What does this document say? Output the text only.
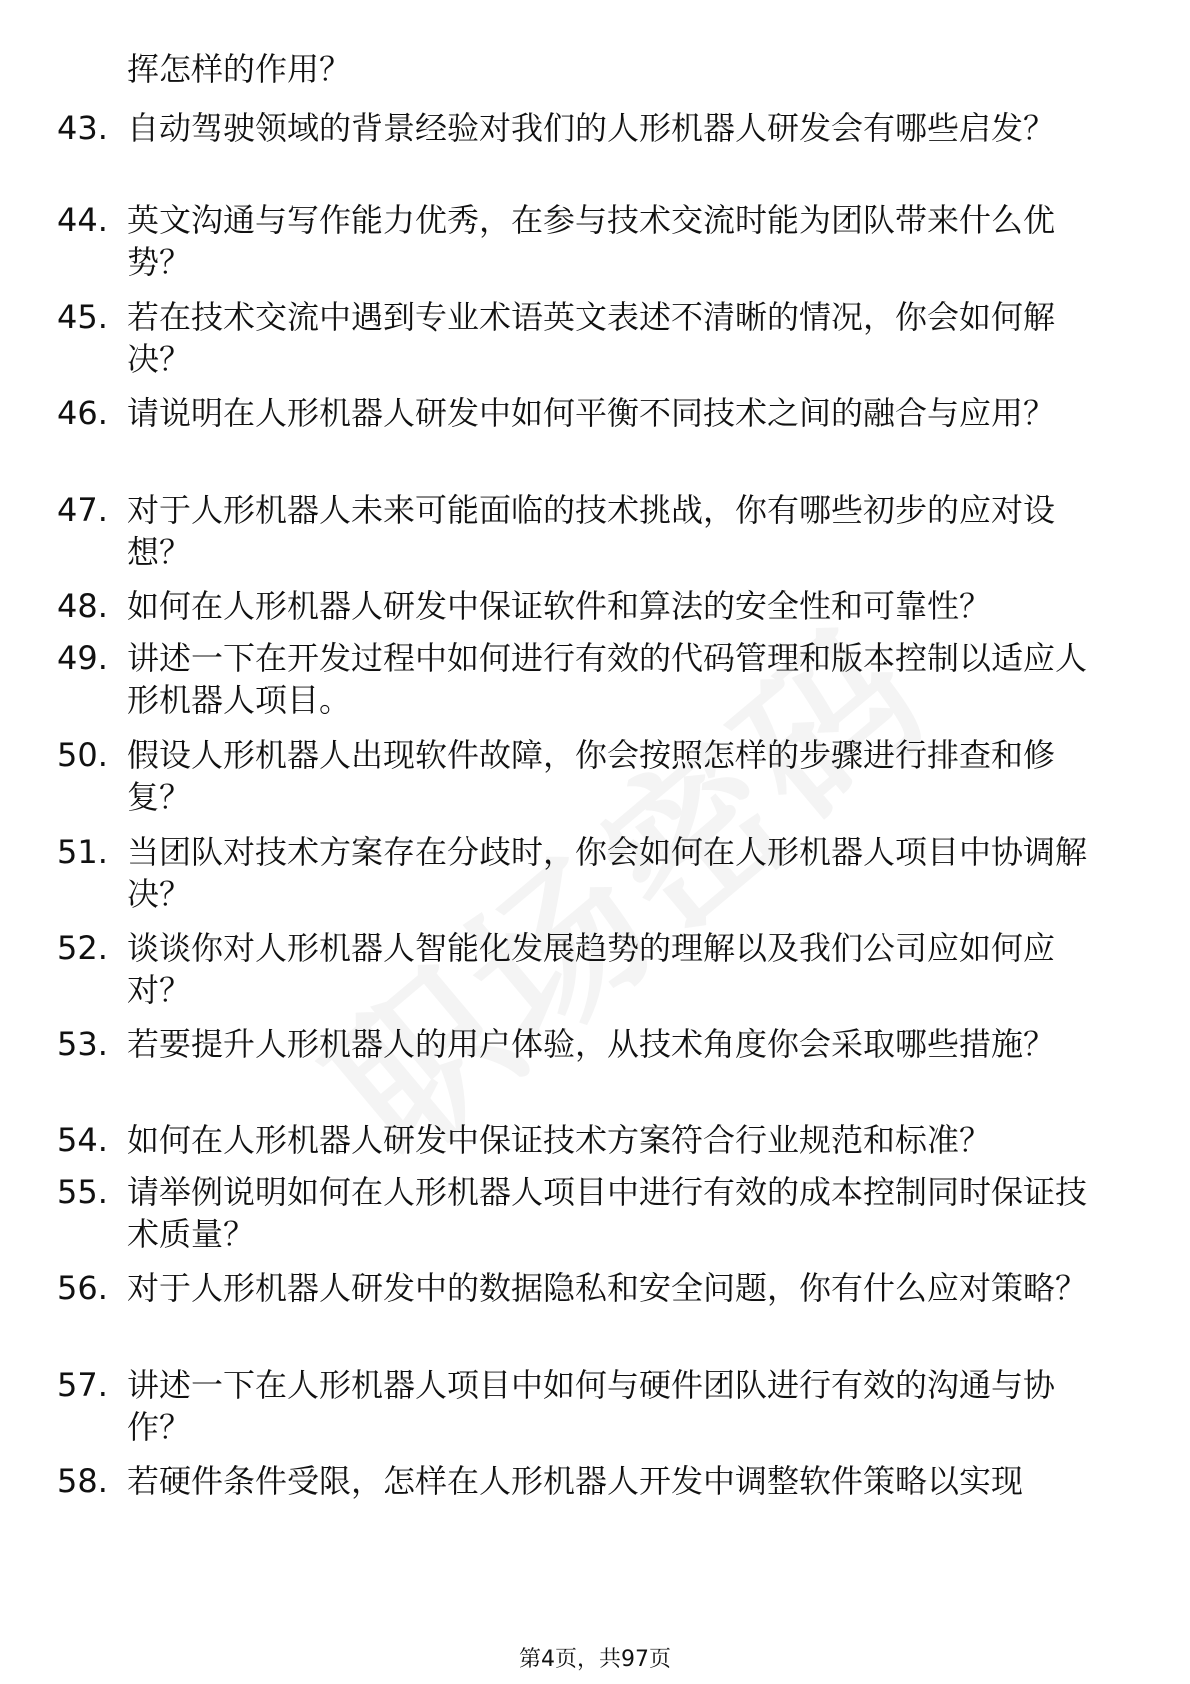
挥怎样的作用？
43. 自动驾驶领域的背景经验对我们的人形机器人研发会有哪些启发？
44. 英文沟通与写作能力优秀，在参与技术交流时能为团队带来什么优势？
45. 若在技术交流中遇到专业术语英文表述不清晰的情况，你会如何解决？
46. 请说明在人形机器人研发中如何平衡不同技术之间的融合与应用？
47. 对于人形机器人未来可能面临的技术挑战，你有哪些初步的应对设想？
48. 如何在人形机器人研发中保证软件和算法的安全性和可靠性？
49. 讲述一下在开发过程中如何进行有效的代码管理和版本控制以适应人形机器人项目。
50. 假设人形机器人出现软件故障，你会按照怎样的步骤进行排查和修复？
51. 当团队对技术方案存在分歧时，你会如何在人形机器人项目中协调解决？
52. 谈谈你对人形机器人智能化发展趋势的理解以及我们公司应如何应对？
53. 若要提升人形机器人的用户体验，从技术角度你会采取哪些措施？
54. 如何在人形机器人研发中保证技术方案符合行业规范和标准？
55. 请举例说明如何在人形机器人项目中进行有效的成本控制同时保证技术质量？
56. 对于人形机器人研发中的数据隐私和安全问题，你有什么应对策略？
57. 讲述一下在人形机器人项目中如何与硬件团队进行有效的沟通与协作？
58. 若硬件条件受限，怎样在人形机器人开发中调整软件策略以实现
第4页，共97页
